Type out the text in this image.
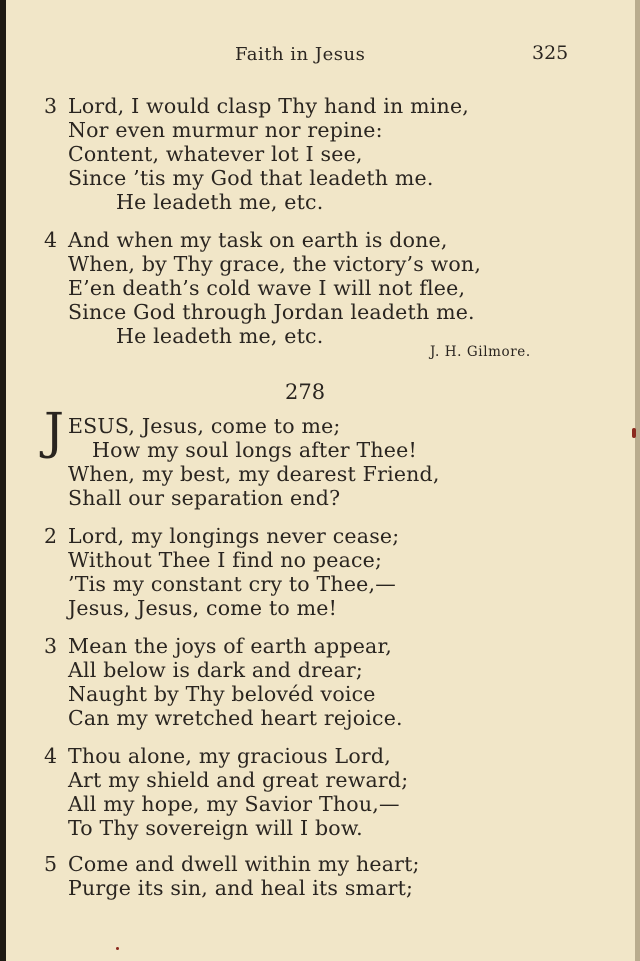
Faith in Jesus	325
3 Lord, I would clasp Thy hand in mine,
Nor even murmur nor repine:
Content, whatever lot I see,
Since ’tis my God that leadeth me.
He leadeth me, etc.
4 And when my task on earth is done,
When, by Thy grace, the victory’s won,
E’en death’s cold wave I will not flee,
Since God through Jordan leadeth me.
He leadeth me, etc.
J. H. Gilmore.
278
J ESUS, Jesus, come to me;
How my soul longs after Thee!
When, my best, my dearest Friend,
Shall our separation end?
2 Lord, my longings never cease;
Without Thee I find no peace;
’Tis my constant cry to Thee,—
Jesus, Jesus, come to me!
3 Mean the joys of earth appear,
All below is dark and drear;
Naught by Thy belovéd voice
Can my wretched heart rejoice.
4 Thou alone, my gracious Lord,
Art my shield and great reward;
All my hope, my Savior Thou,—
To Thy sovereign will I bow.
5 Come and dwell within my heart;
Purge its sin, and heal its smart;
